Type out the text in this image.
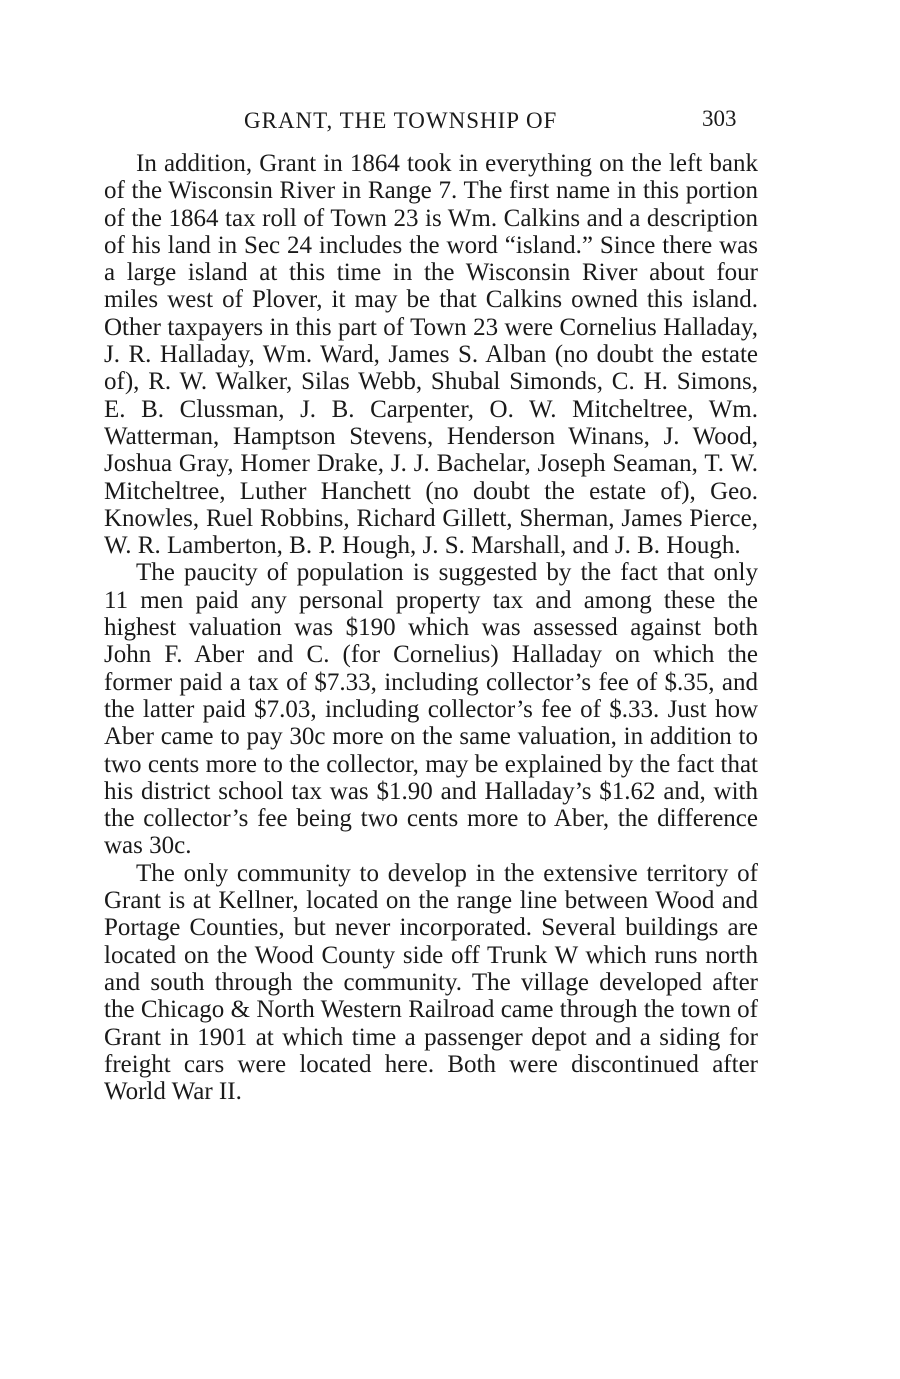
GRANT, THE TOWNSHIP OF	303

In addition, Grant in 1864 took in everything on the left bank of the Wisconsin River in Range 7. The first name in this portion of the 1864 tax roll of Town 23 is Wm. Calkins and a description of his land in Sec 24 includes the word “island.” Since there was a large island at this time in the Wisconsin River about four miles west of Plover, it may be that Calkins owned this island. Other taxpayers in this part of Town 23 were Cornelius Halladay, J. R. Halladay, Wm. Ward, James S. Alban (no doubt the estate of), R. W. Walker, Silas Webb, Shubal Simonds, C. H. Simons, E. B. Clussman, J. B. Carpenter, O. W. Mitcheltree, Wm. Watterman, Hamptson Stevens, Henderson Winans, J. Wood, Joshua Gray, Homer Drake, J. J. Bachelar, Joseph Seaman, T. W. Mitcheltree, Luther Hanchett (no doubt the estate of), Geo. Knowles, Ruel Robbins, Richard Gillett, Sherman, James Pierce, W. R. Lamberton, B. P. Hough, J. S. Marshall, and J. B. Hough.

The paucity of population is suggested by the fact that only 11 men paid any personal property tax and among these the highest valuation was $190 which was assessed against both John F. Aber and C. (for Cornelius) Halladay on which the former paid a tax of $7.33, including collector’s fee of $.35, and the latter paid $7.03, including collector’s fee of $.33. Just how Aber came to pay 30c more on the same valuation, in addition to two cents more to the collector, may be explained by the fact that his district school tax was $1.90 and Halladay’s $1.62 and, with the collector’s fee being two cents more to Aber, the difference was 30c.

The only community to develop in the extensive territory of Grant is at Kellner, located on the range line between Wood and Portage Counties, but never incorporated. Several buildings are located on the Wood County side off Trunk W which runs north and south through the community. The village developed after the Chicago & North Western Railroad came through the town of Grant in 1901 at which time a passenger depot and a siding for freight cars were located here. Both were discontinued after World War II.
